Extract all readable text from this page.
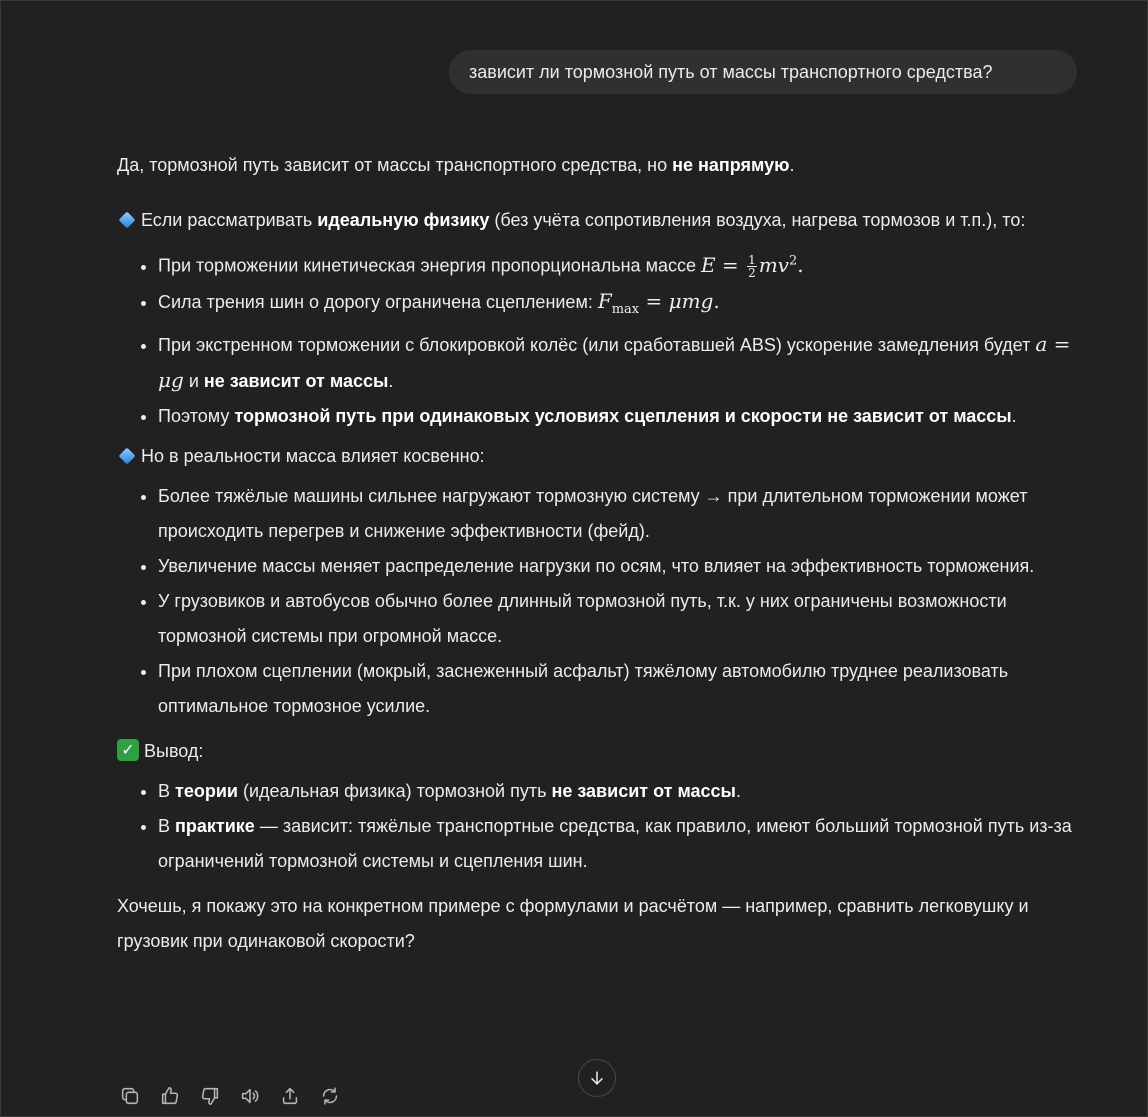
зависит ли тормозной путь от массы транспортного средства?

Да, тормозной путь зависит от массы транспортного средства, но не напрямую.

Если рассматривать идеальную физику (без учёта сопротивления воздуха, нагрева тормозов и т.п.), то:

• При торможении кинетическая энергия пропорциональна массе $E = \frac{1}{2} mv^2$.
• Сила трения шин о дорогу ограничена сцеплением: $F_{max} = \mu mg$.
• При экстренном торможении с блокировкой колёс (или сработавшей ABS) ускорение замедления будет a = μg и не зависит от массы.
• Поэтому тормозной путь при одинаковых условиях сцепления и скорости не зависит от массы.

Но в реальности масса влияет косвенно:

• Более тяжёлые машины сильнее нагружают тормозную систему → при длительном торможении может происходить перегрев и снижение эффективности (фейд).
• Увеличение массы меняет распределение нагрузки по осям, что влияет на эффективность торможения.
• У грузовиков и автобусов обычно более длинный тормозной путь, т.к. у них ограничены возможности тормозной системы при огромной массе.
• При плохом сцеплении (мокрый, заснеженный асфальт) тяжёлому автомобилю труднее реализовать оптимальное тормозное усилие.

✓ Вывод:

• В теории (идеальная физика) тормозной путь не зависит от массы.
• В практике — зависит: тяжёлые транспортные средства, как правило, имеют больший тормозной путь из-за ограничений тормозной системы и сцепления шин.

Хочешь, я покажу это на конкретном примере с формулами и расчётом — например, сравнить легковушку и грузовик при одинаковой скорости?
